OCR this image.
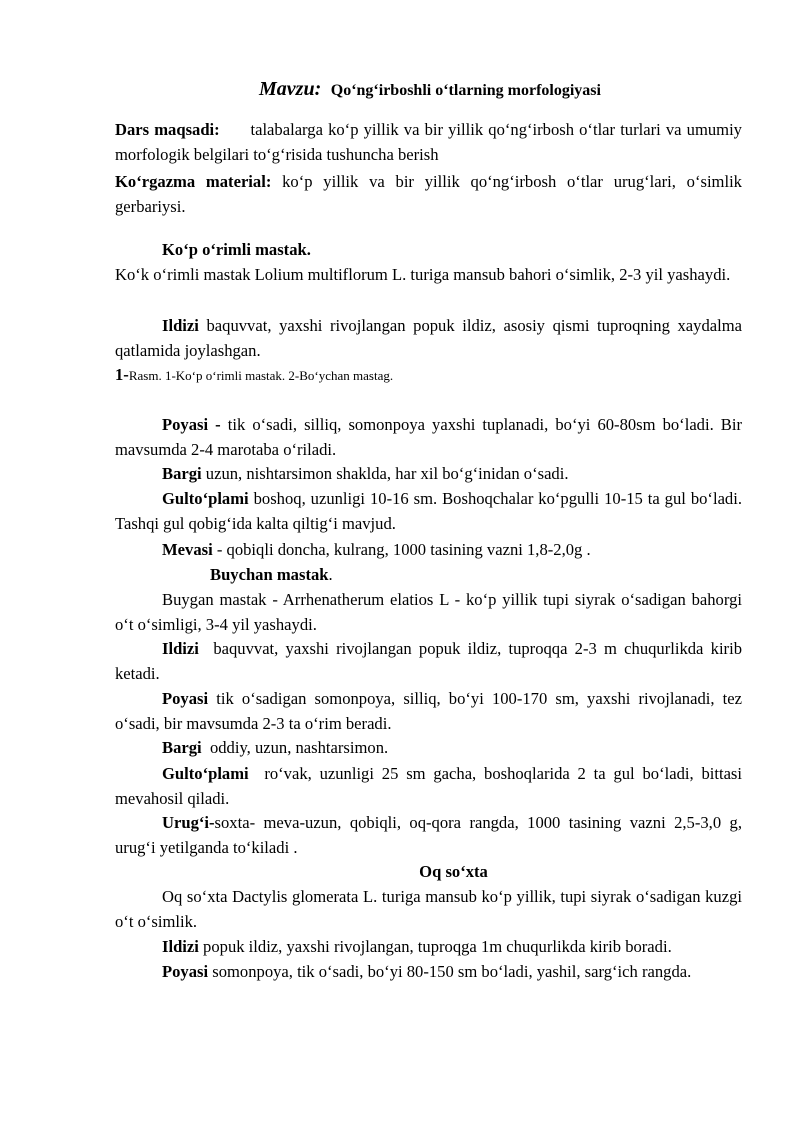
Mavzu: Qo‘ng‘irboshli o‘tlarning morfologiyasi

Dars maqsadi: talabalarga ko‘p yillik va bir yillik qo‘ng‘irbosh o‘tlar turlari va umumiy morfologik belgilari to‘g‘risida tushuncha berish

Ko‘rgazma material: ko‘p yillik va bir yillik qo‘ng‘irbosh o‘tlar urug‘lari, o‘simlik gerbariysi.

Ko‘p o‘rimli mastak.

Ko‘k o‘rimli mastak Lolium multiflorum L. turiga mansub bahori o‘simlik, 2-3 yil yashaydi.

Ildizi baquvvat, yaxshi rivojlangan popuk ildiz, asosiy qismi tuproqning xaydalma qatlamida joylashgan.

1-Rasm. 1-Ko‘p o‘rimli mastak. 2-Bo‘ychan mastag.

Poyasi - tik o‘sadi, silliq, somonpoya yaxshi tuplanadi, bo‘yi 60-80sm bo‘ladi. Bir mavsumda 2-4 marotaba o‘riladi.

Bargi uzun, nishtarsimon shaklda, har xil bo‘g‘inidan o‘sadi.

Gulto‘plami boshoq, uzunligi 10-16 sm. Boshoqchalar ko‘pgulli 10-15 ta gul bo‘ladi. Tashqi gul qobig‘ida kalta qiltig‘i mavjud.

Mevasi - qobiqli doncha, kulrang, 1000 tasining vazni 1,8-2,0g .

Buychan mastak.

Buygan mastak - Arrhenatherum elatios L - ko‘p yillik tupi siyrak o‘sadigan bahorgi o‘t o‘simligi, 3-4 yil yashaydi.

Ildizi baquvvat, yaxshi rivojlangan popuk ildiz, tuproqqa 2-3 m chuqurlikda kirib ketadi.

Poyasi tik o‘sadigan somonpoya, silliq, bo‘yi 100-170 sm, yaxshi rivojlanadi, tez o‘sadi, bir mavsumda 2-3 ta o‘rim beradi.

Bargi oddiy, uzun, nashtarsimon.

Gulto‘plami ro‘vak, uzunligi 25 sm gacha, boshoqlarida 2 ta gul bo‘ladi, bittasi mevahosil qiladi.

Urug‘i-soxta- meva-uzun, qobiqli, oq-qora rangda, 1000 tasining vazni 2,5-3,0 g, urug‘i yetilganda to‘kiladi .

Oq so‘xta

Oq so‘xta Dactylis glomerata L. turiga mansub ko‘p yillik, tupi siyrak o‘sadigan kuzgi o‘t o‘simlik.

Ildizi popuk ildiz, yaxshi rivojlangan, tuproqga 1m chuqurlikda kirib boradi.

Poyasi somonpoya, tik o‘sadi, bo‘yi 80-150 sm bo‘ladi, yashil, sarg‘ich rangda.
